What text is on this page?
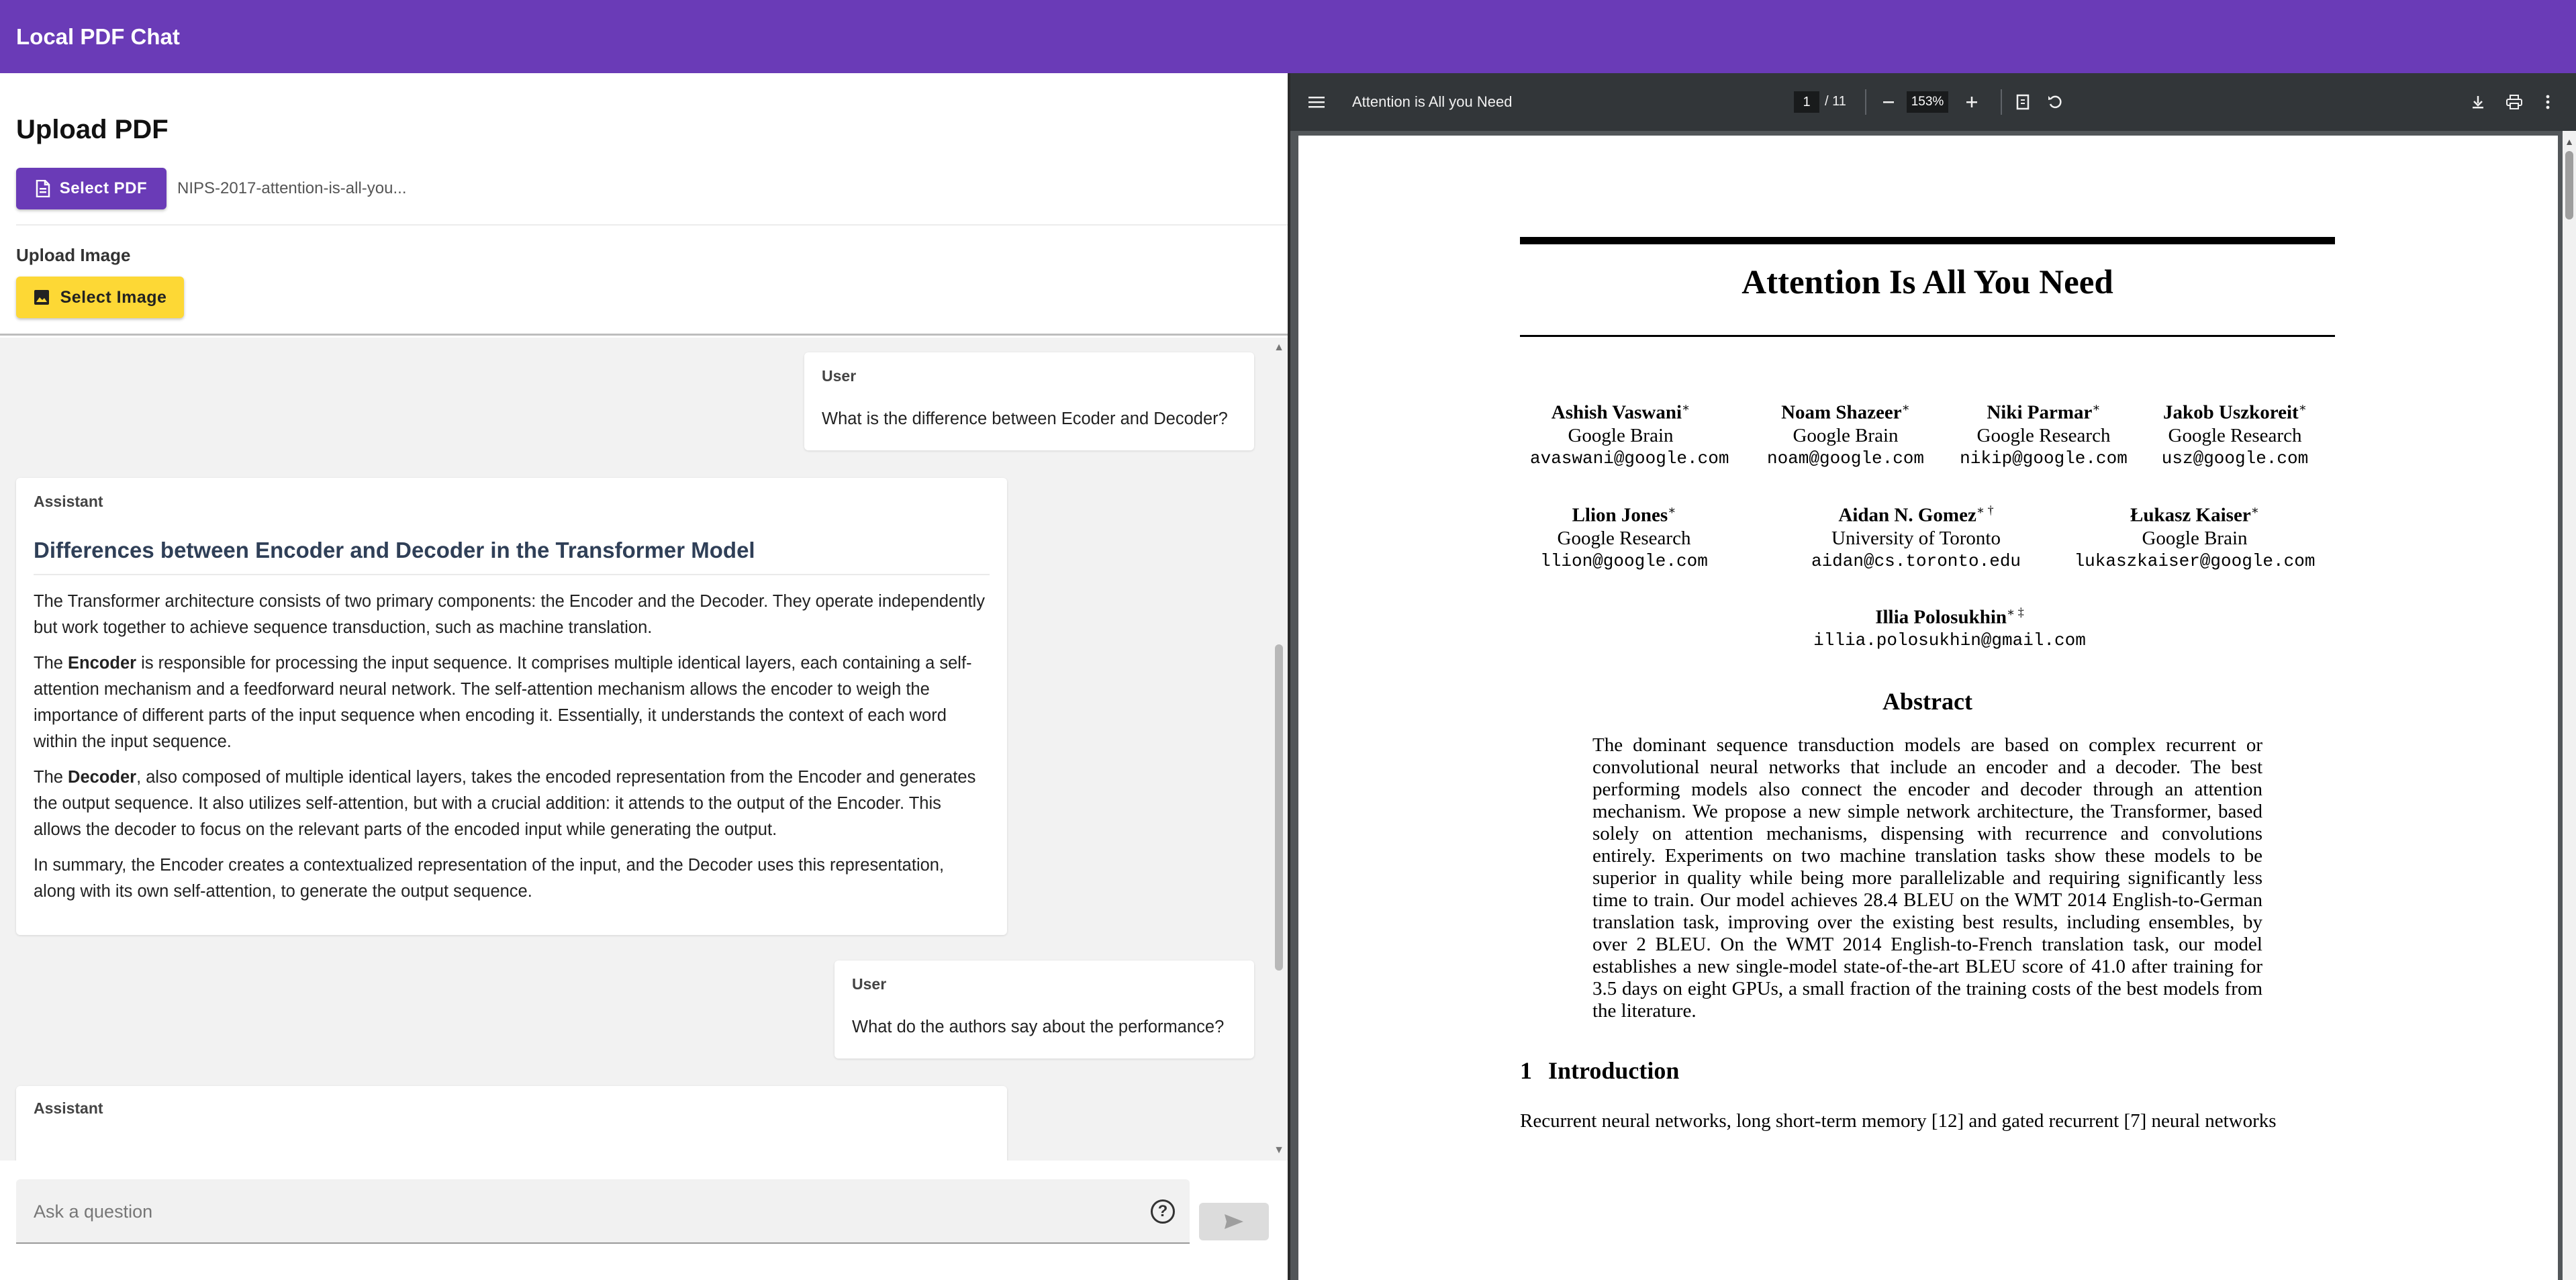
Local PDF Chat
Upload PDF
Select PDF NIPS-2017-attention-is-all-you...
Upload Image
Select Image
User
What is the difference between Ecoder and Decoder?
Assistant
Differences between Encoder and Decoder in the Transformer Model

The Transformer architecture consists of two primary components: the Encoder and the Decoder. They operate independently but work together to achieve sequence transduction, such as machine translation.

The Encoder is responsible for processing the input sequence. It comprises multiple identical layers, each containing a self-attention mechanism and a feedforward neural network. The self-attention mechanism allows the encoder to weigh the importance of different parts of the input sequence when encoding it. Essentially, it understands the context of each word within the input sequence.

The Decoder, also composed of multiple identical layers, takes the encoded representation from the Encoder and generates the output sequence. It also utilizes self-attention, but with a crucial addition: it attends to the output of the Encoder. This allows the decoder to focus on the relevant parts of the encoded input while generating the output.

In summary, the Encoder creates a contextualized representation of the input, and the Decoder uses this representation, along with its own self-attention, to generate the output sequence.

User
What do the authors say about the performance?
Assistant
▲
▼
Ask a question
?
Attention is All you Need	1	/ 11	153%
Attention Is All You Need
Ashish Vaswani∗
Google Brain
avaswani@google.com
Noam Shazeer∗
Google Brain
noam@google.com
Niki Parmar∗
Google Research
nikip@google.com
Jakob Uszkoreit∗
Google Research
usz@google.com
Llion Jones∗
Google Research
llion@google.com
Aidan N. Gomez∗ †
University of Toronto
aidan@cs.toronto.edu
Łukasz Kaiser∗
Google Brain
lukaszkaiser@google.com
Illia Polosukhin∗ ‡
illia.polosukhin@gmail.com
Abstract
The dominant sequence transduction models are based on complex recurrent or convolutional neural networks that include an encoder and a decoder. The best performing models also connect the encoder and decoder through an attention mechanism. We propose a new simple network architecture, the Transformer, based solely on attention mechanisms, dispensing with recurrence and convolutions entirely. Experiments on two machine translation tasks show these models to be superior in quality while being more parallelizable and requiring significantly less time to train. Our model achieves 28.4 BLEU on the WMT 2014 English-to-German translation task, improving over the existing best results, including ensembles, by over 2 BLEU. On the WMT 2014 English-to-French translation task, our model establishes a new single-model state-of-the-art BLEU score of 41.0 after training for 3.5 days on eight GPUs, a small fraction of the training costs of the best models from the literature.
1 Introduction
Recurrent neural networks, long short-term memory [12] and gated recurrent [7] neural networks
▲
